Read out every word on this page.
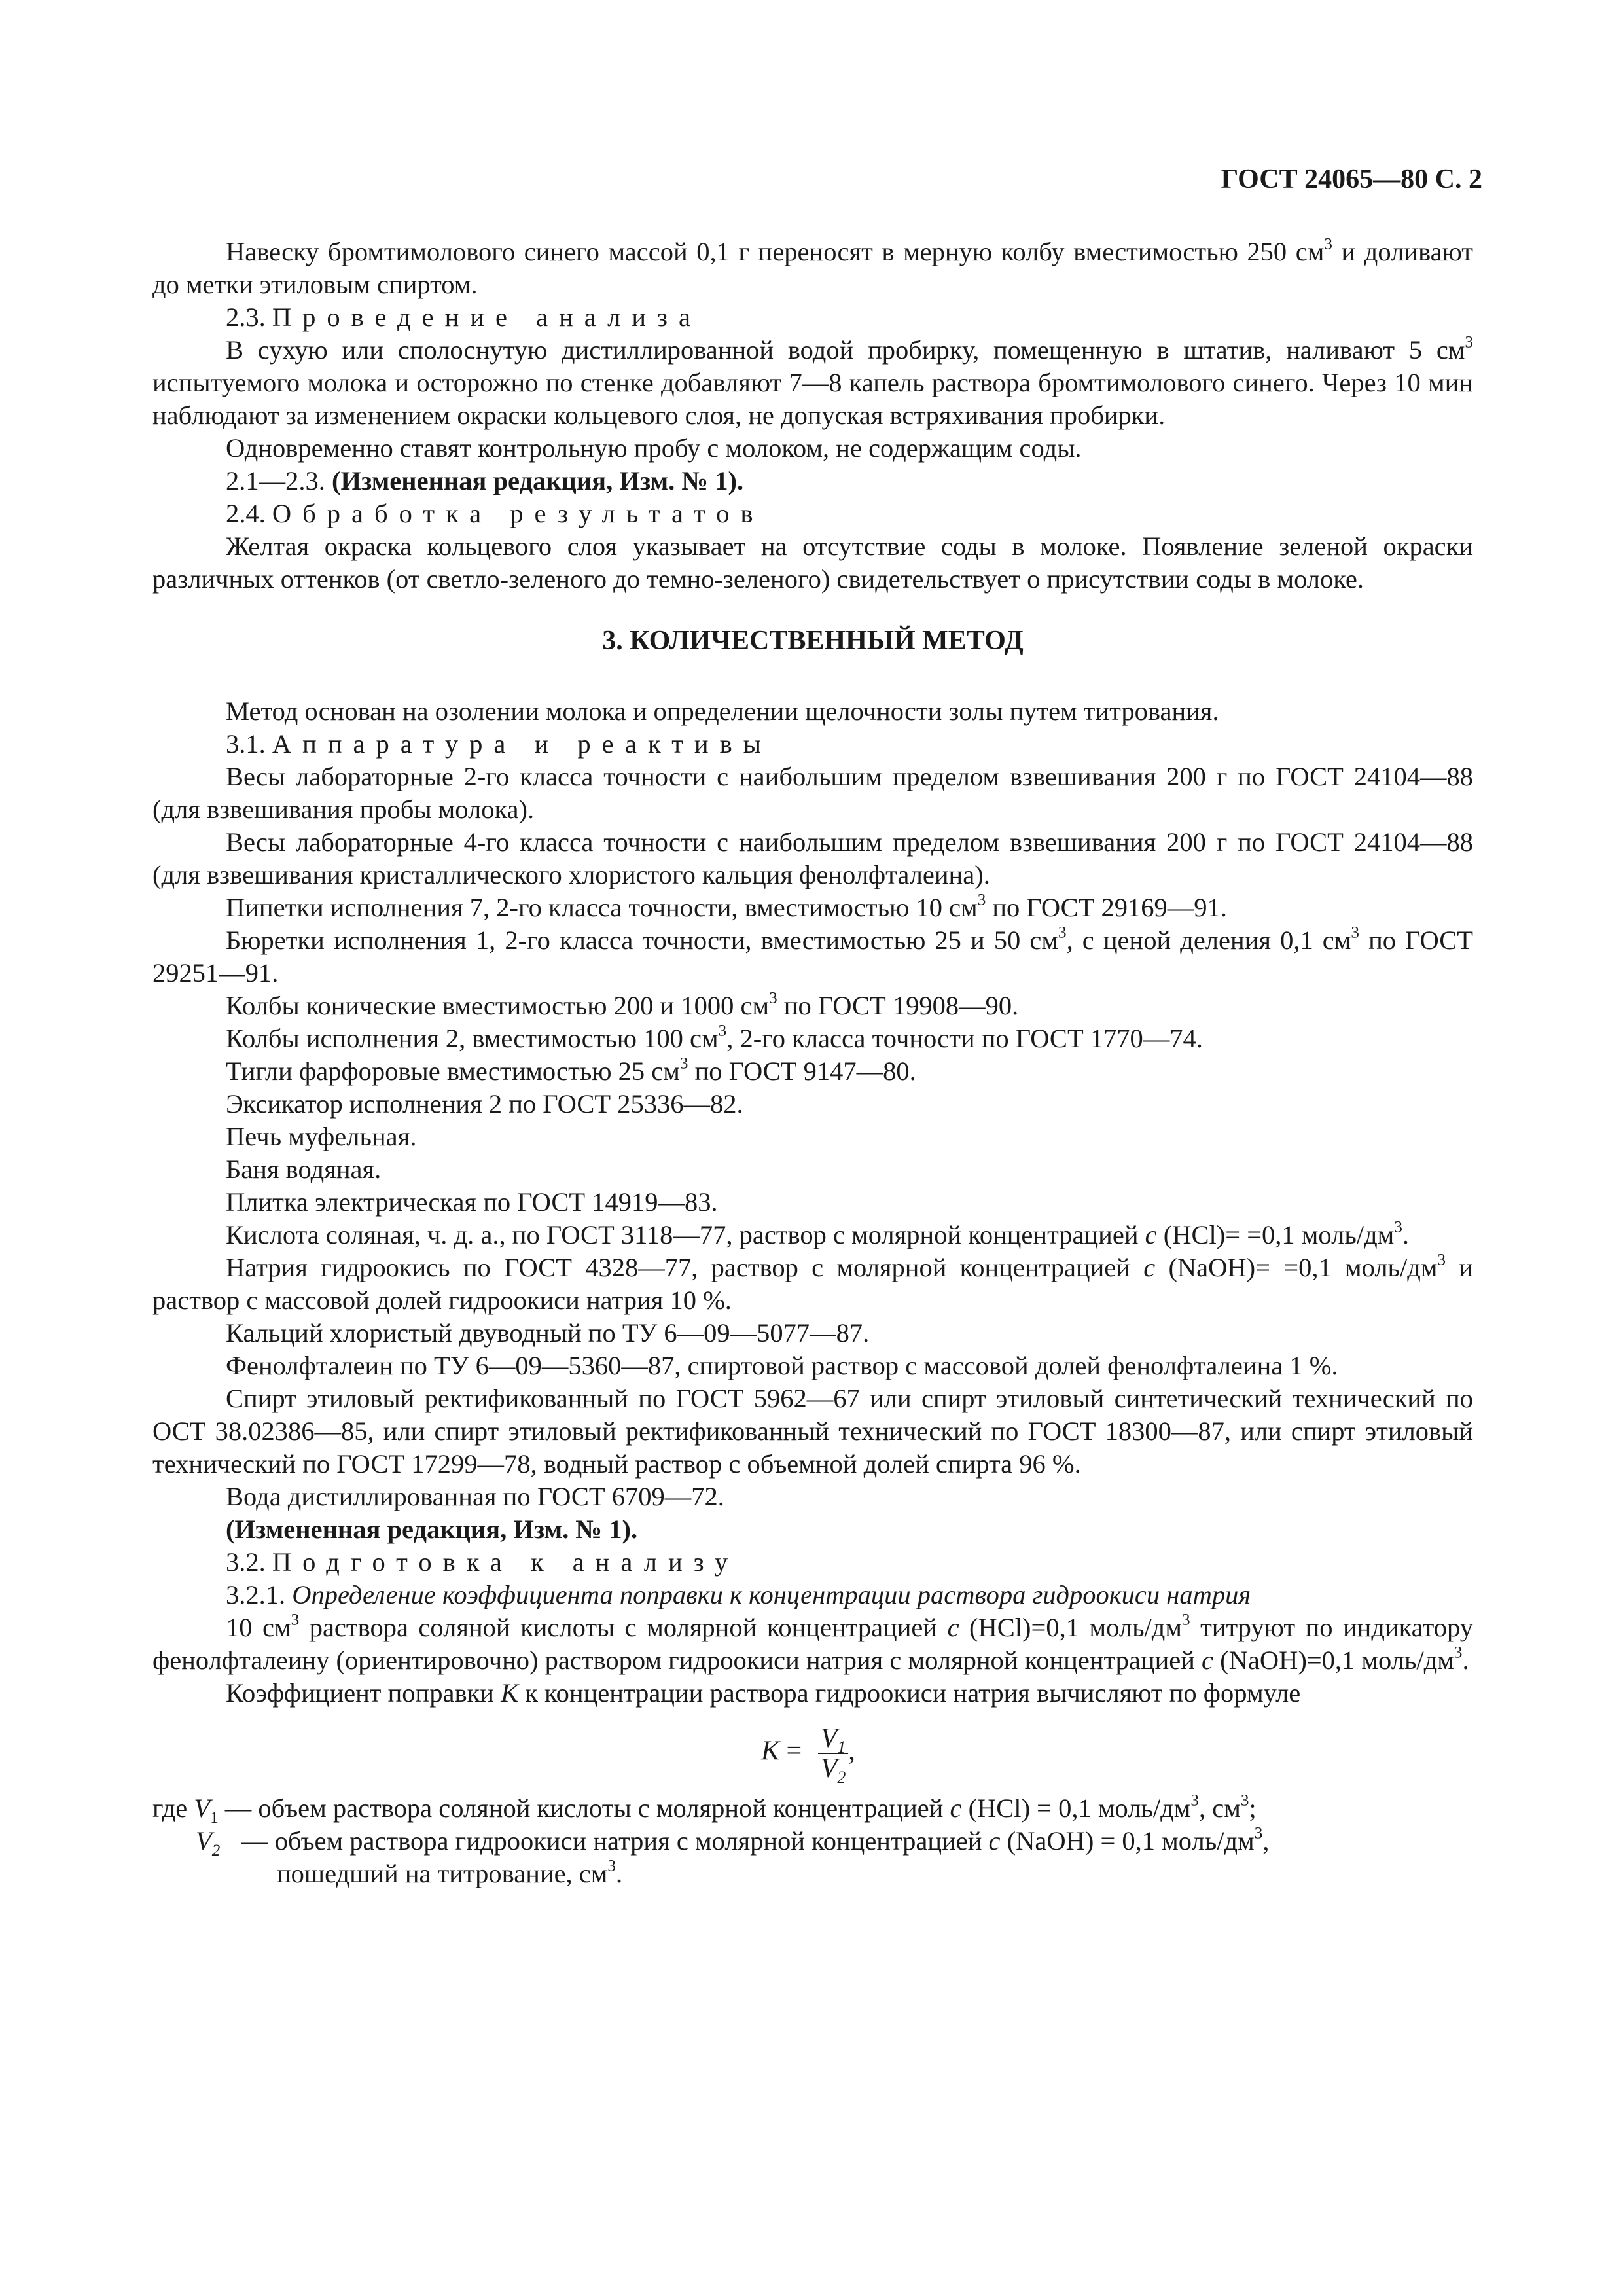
ГОСТ 24065—80 С. 2

Навеску бромтимолового синего массой 0,1 г переносят в мерную колбу вместимостью 250 $см^3$ и доливают до метки этиловым спиртом.

2.3. Проведение анализа

В сухую или сполоснутую дистиллированной водой пробирку, помещенную в штатив, наливают 5 $см^3$ испытуемого молока и осторожно по стенке добавляют 7—8 капель раствора бромтимолового синего. Через 10 мин наблюдают за изменением окраски кольцевого слоя, не допуская встряхивания пробирки.

Одновременно ставят контрольную пробу с молоком, не содержащим соды.

2.1—2.3. (Измененная редакция, Изм. № 1).

2.4. Обработка результатов

Желтая окраска кольцевого слоя указывает на отсутствие соды в молоке. Появление зеленой окраски различных оттенков (от светло-зеленого до темно-зеленого) свидетельствует о присутствии соды в молоке.

3. КОЛИЧЕСТВЕННЫЙ МЕТОД

Метод основан на озолении молока и определении щелочности золы путем титрования.

3.1. Аппаратура и реактивы

Весы лабораторные 2-го класса точности с наибольшим пределом взвешивания 200 г по ГОСТ 24104—88 (для взвешивания пробы молока).

Весы лабораторные 4-го класса точности с наибольшим пределом взвешивания 200 г по ГОСТ 24104—88 (для взвешивания кристаллического хлористого кальция фенолфталеина).

Пипетки исполнения 7, 2-го класса точности, вместимостью 10 $см^3$ по ГОСТ 29169—91.

Бюретки исполнения 1, 2-го класса точности, вместимостью 25 и 50 $см^3$, с ценой деления 0,1 $см^3$ по ГОСТ 29251—91.

Колбы конические вместимостью 200 и 1000 $см^3$ по ГОСТ 19908—90.

Колбы исполнения 2, вместимостью 100 $см^3$, 2-го класса точности по ГОСТ 1770—74.

Тигли фарфоровые вместимостью 25 $см^3$ по ГОСТ 9147—80.

Эксикатор исполнения 2 по ГОСТ 25336—82.

Печь муфельная.

Баня водяная.

Плитка электрическая по ГОСТ 14919—83.

Кислота соляная, ч. д. а., по ГОСТ 3118—77, раствор с молярной концентрацией c (HCl)= =0,1 моль/$дм^3$.

Натрия гидроокись по ГОСТ 4328—77, раствор с молярной концентрацией c (NaOH)= =0,1 моль/$дм^3$ и раствор с массовой долей гидроокиси натрия 10 %.

Кальций хлористый двуводный по ТУ 6—09—5077—87.

Фенолфталеин по ТУ 6—09—5360—87, спиртовой раствор с массовой долей фенолфталеина 1 %.

Спирт этиловый ректификованный по ГОСТ 5962—67 или спирт этиловый синтетический технический по ОСТ 38.02386—85, или спирт этиловый ректификованный технический по ГОСТ 18300—87, или спирт этиловый технический по ГОСТ 17299—78, водный раствор с объемной долей спирта 96 %.

Вода дистиллированная по ГОСТ 6709—72.

(Измененная редакция, Изм. № 1).

3.2. Подготовка к анализу

3.2.1. Определение коэффициента поправки к концентрации раствора гидроокиси натрия

10 $см^3$ раствора соляной кислоты с молярной концентрацией c (HCl)=0,1 моль/$дм^3$ титруют по индикатору фенолфталеину (ориентировочно) раствором гидроокиси натрия с молярной концентрацией c (NaOH)=0,1 моль/$дм^3$.

Коэффициент поправки K к концентрации раствора гидроокиси натрия вычисляют по формуле

$K = \frac{V_1}{V_2}$ ,

где $V_1$ — объем раствора соляной кислоты с молярной концентрацией c (HCl) = 0,1 моль/$дм^3$, $см^3$;

$V_2$ — объем раствора гидроокиси натрия с молярной концентрацией c (NaOH) = 0,1 моль/$дм^3$,

пошедший на титрование, $см^3$.
